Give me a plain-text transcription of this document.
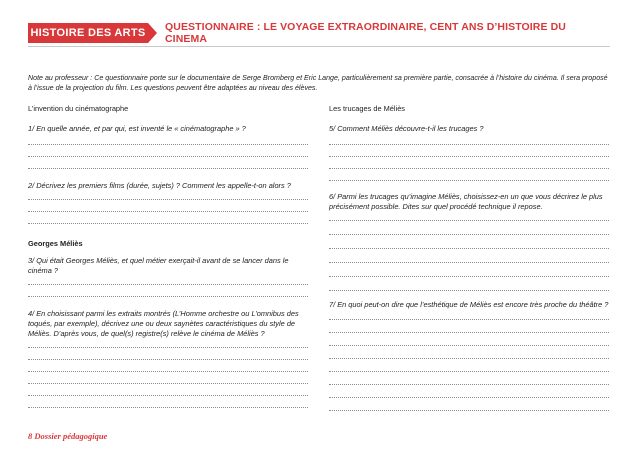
HISTOIRE DES ARTS QUESTIONNAIRE : LE VOYAGE EXTRAORDINAIRE, CENT ANS D’HISTOIRE DU CINEMA
Note au professeur : Ce questionnaire porte sur le documentaire de Serge Bromberg et Eric Lange, particulièrement sa première partie, consacrée à l’histoire du cinéma. Il sera proposé à l’issue de la projection du film. Les questions peuvent être adaptées au niveau des élèves.
L’invention du cinématographe
1/ En quelle année, et par qui, est inventé le « cinématographe » ?
2/ Décrivez les premiers films (durée, sujets) ? Comment les appelle-t-on alors ?
Georges Méliès
3/ Qui était Georges Méliès, et quel métier exerçait-il avant de se lancer dans le cinéma ?
4/ En choisissant parmi les extraits montrés (L’Homme orchestre ou L’omnibus des toqués, par exemple), décrivez une ou deux saynètes caractéristiques du style de Méliès. D’après vous, de quel(s) registre(s) relève le cinéma de Méliès ?
Les trucages de Méliès
5/ Comment Méliès découvre-t-il les trucages ?
6/ Parmi les trucages qu’imagine Méliès, choisissez-en un que vous décrirez le plus précisément possible. Dites sur quel procédé technique il repose.
7/ En quoi peut-on dire que l’esthétique de Méliès est encore très proche du théâtre ?
8 Dossier pédagogique
